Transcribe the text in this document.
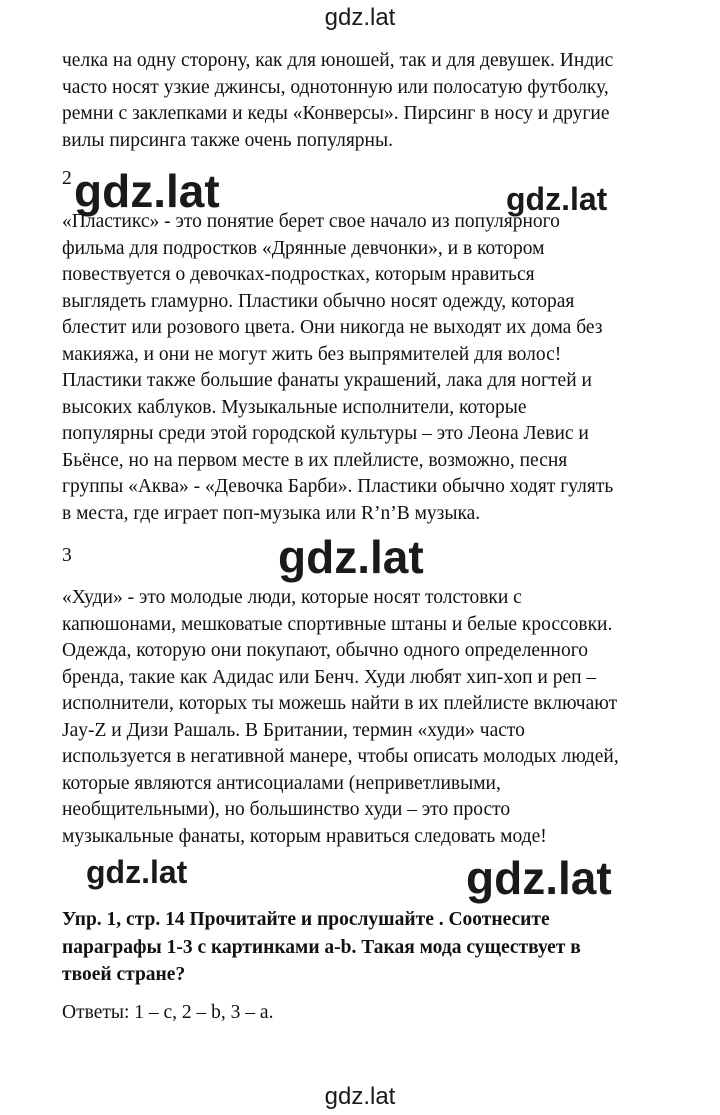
gdz.lat
челка на одну сторону, как для юношей, так и для девушек. Индис
часто носят узкие джинсы, однотонную или полосатую футболку,
ремни с заклепками и кеды «Конверсы». Пирсинг в носу и другие
вилы пирсинга также очень популярны.
2 gdz.lat	gdz.lat
«Пластикс» - это понятие берет свое начало из популярного
фильма для подростков «Дрянные девчонки», и в котором
повествуется о девочках-подростках, которым нравиться
выглядеть гламурно. Пластики обычно носят одежду, которая
блестит или розового цвета. Они никогда не выходят их дома без
макияжа, и они не могут жить без выпрямителей для волос!
Пластики также большие фанаты украшений, лака для ногтей и
высоких каблуков. Музыкальные исполнители, которые
популярны среди этой городской культуры – это Леона Левис и
Бьёнсе, но на первом месте в их плейлисте, возможно, песня
группы «Аква» - «Девочка Барби». Пластики обычно ходят гулять
в места, где играет поп-музыка или R’n’B музыка.
3	gdz.lat
«Худи» - это молодые люди, которые носят толстовки с
капюшонами, мешковатые спортивные штаны и белые кроссовки.
Одежда, которую они покупают, обычно одного определенного
бренда, такие как Адидас или Бенч. Худи любят хип-хоп и реп –
исполнители, которых ты можешь найти в их плейлисте включают
Jay-Z и Дизи Рашаль. В Британии, термин «худи» часто
используется в негативной манере, чтобы описать молодых людей,
которые являются антисоциалами (неприветливыми,
необщительными), но большинство худи – это просто
музыкальные фанаты, которым нравиться следовать моде!
gdz.lat	gdz.lat
Упр. 1, стр. 14 Прочитайте и прослушайте . Соотнесите
параграфы 1-3 с картинками a-b. Такая мода существует в
твоей стране?
Ответы: 1 – c, 2 – b, 3 – a.
gdz.lat
